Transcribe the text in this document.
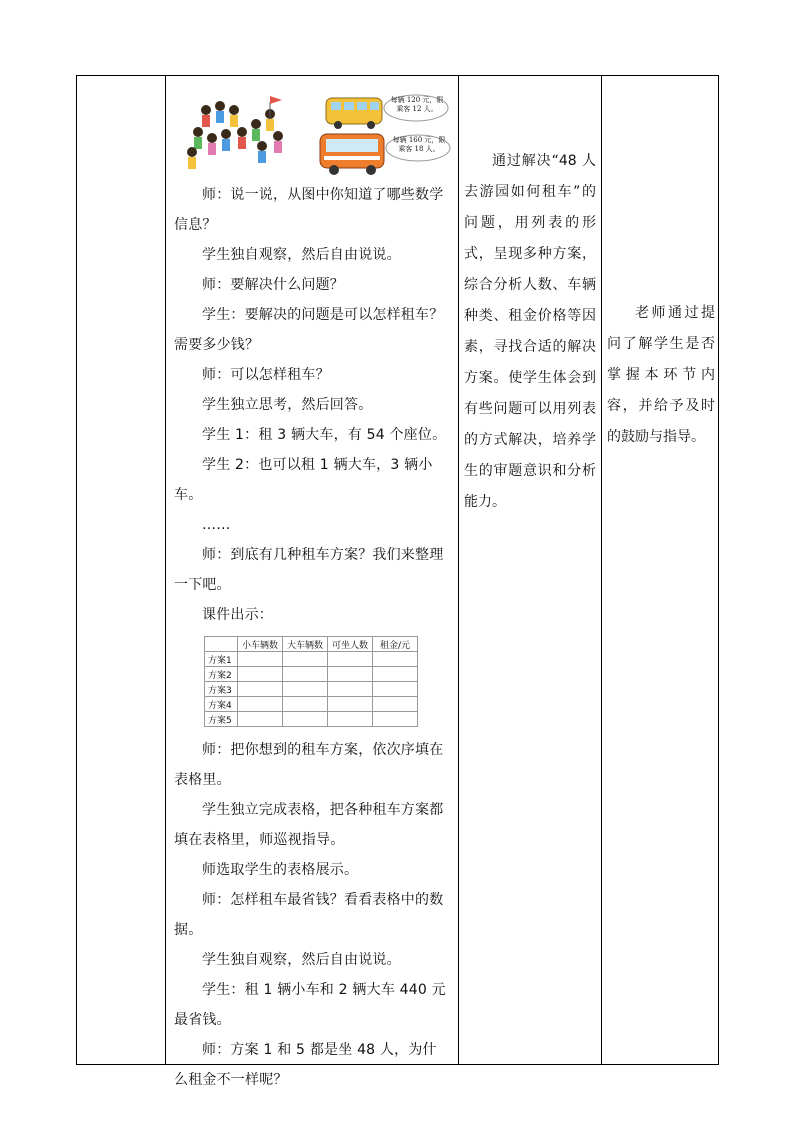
每辆 120 元，限乘客 12 人。
每辆 160 元，限乘客 18 人。

师：说一说，从图中你知道了哪些数学信息？

学生独自观察，然后自由说说。

师：要解决什么问题？

学生：要解决的问题是可以怎样租车？需要多少钱？

师：可以怎样租车？

学生独立思考，然后回答。

学生 1：租 3 辆大车，有 54 个座位。

学生 2：也可以租 1 辆大车，3 辆小车。

……

师：到底有几种租车方案？我们来整理一下吧。

课件出示：

	小车辆数	大车辆数	可坐人数	租金/元
方案1				
方案2				
方案3				
方案4				
方案5				

师：把你想到的租车方案，依次序填在表格里。

学生独立完成表格，把各种租车方案都填在表格里，师巡视指导。

师选取学生的表格展示。

师：怎样租车最省钱？看看表格中的数据。

学生独自观察，然后自由说说。

学生：租 1 辆小车和 2 辆大车 440 元最省钱。

师：方案 1 和 5 都是坐 48 人，为什么租金不一样呢？

通过解决“48 人去游园如何租车”的问题，用列表的形式，呈现多种方案，综合分析人数、车辆种类、租金价格等因素，寻找合适的解决方案。使学生体会到有些问题可以用列表的方式解决，培养学生的审题意识和分析能力。

老师通过提问了解学生是否掌握本环节内容，并给予及时的鼓励与指导。
